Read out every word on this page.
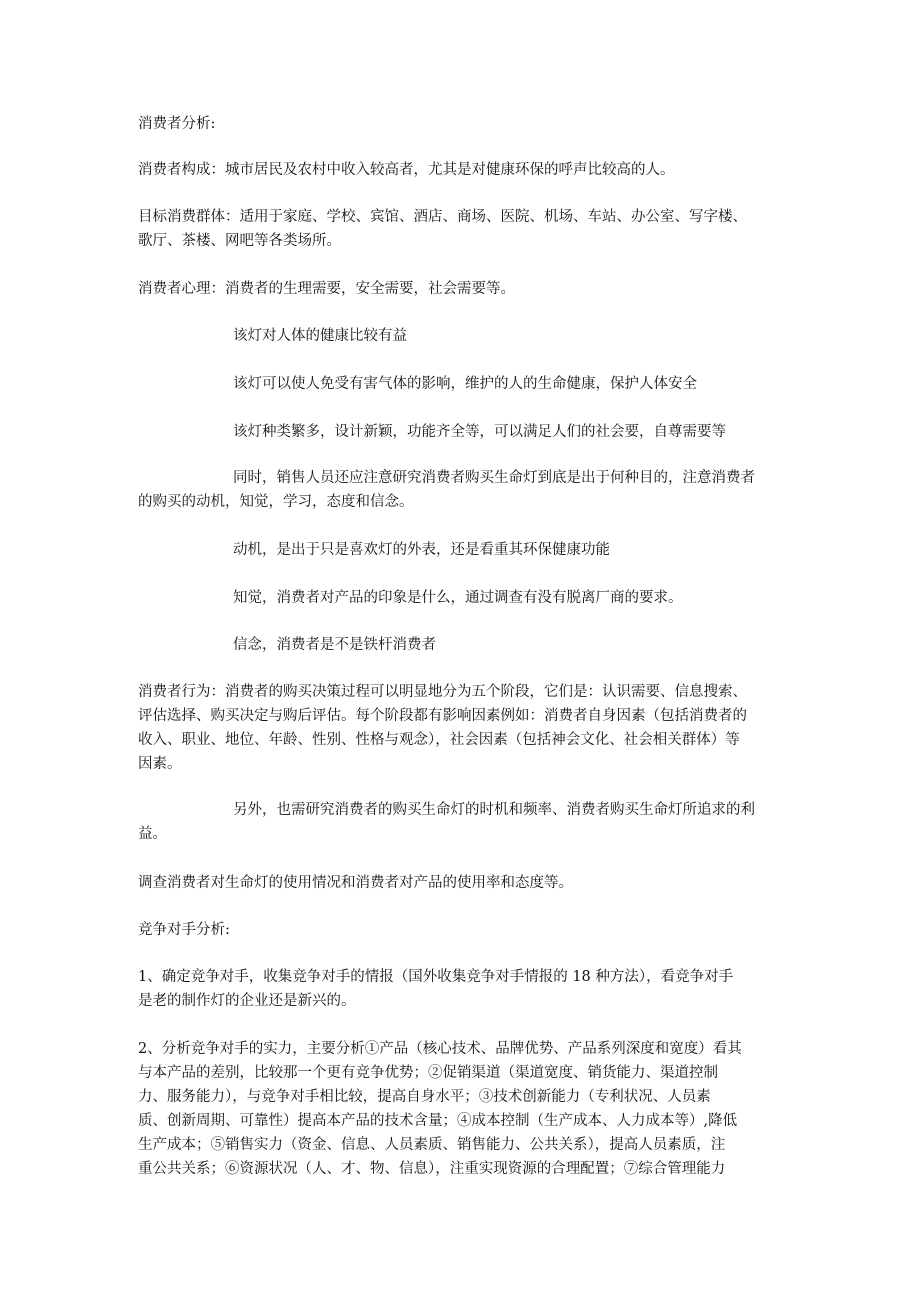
消费者分析:

消费者构成：城市居民及农村中收入较高者，尤其是对健康环保的呼声比较高的人。

目标消费群体：适用于家庭、学校、宾馆、酒店、商场、医院、机场、车站、办公室、写字楼、
歌厅、茶楼、网吧等各类场所。

消费者心理：消费者的生理需要，安全需要，社会需要等。

该灯对人体的健康比较有益

该灯可以使人免受有害气体的影响，维护的人的生命健康，保护人体安全

该灯种类繁多，设计新颖，功能齐全等，可以满足人们的社会要，自尊需要等

同时，销售人员还应注意研究消费者购买生命灯到底是出于何种目的，注意消费者
的购买的动机，知觉，学习，态度和信念。

动机，是出于只是喜欢灯的外表，还是看重其环保健康功能

知觉，消费者对产品的印象是什么，通过调查有没有脱离厂商的要求。

信念，消费者是不是铁杆消费者

消费者行为：消费者的购买决策过程可以明显地分为五个阶段，它们是：认识需要、信息搜索、
评估选择、购买决定与购后评估。每个阶段都有影响因素例如：消费者自身因素（包括消费者的
收入、职业、地位、年龄、性别、性格与观念），社会因素（包括神会文化、社会相关群体）等
因素。
另外，也需研究消费者的购买生命灯的时机和频率、消费者购买生命灯所追求的利
益。

调查消费者对生命灯的使用情况和消费者对产品的使用率和态度等。

竞争对手分析:

1、确定竞争对手，收集竞争对手的情报（国外收集竞争对手情报的 18 种方法），看竞争对手
是老的制作灯的企业还是新兴的。
2、分析竞争对手的实力，主要分析①产品（核心技术、品牌优势、产品系列深度和宽度）看其
与本产品的差别，比较那一个更有竞争优势；②促销渠道（渠道宽度、销货能力、渠道控制
力、服务能力），与竞争对手相比较，提高自身水平；③技术创新能力（专利状况、人员素
质、创新周期、可靠性）提高本产品的技术含量；④成本控制（生产成本、人力成本等）,降低
生产成本；⑤销售实力（资金、信息、人员素质、销售能力、公共关系），提高人员素质，注
重公共关系；⑥资源状况（人、才、物、信息），注重实现资源的合理配置；⑦综合管理能力
